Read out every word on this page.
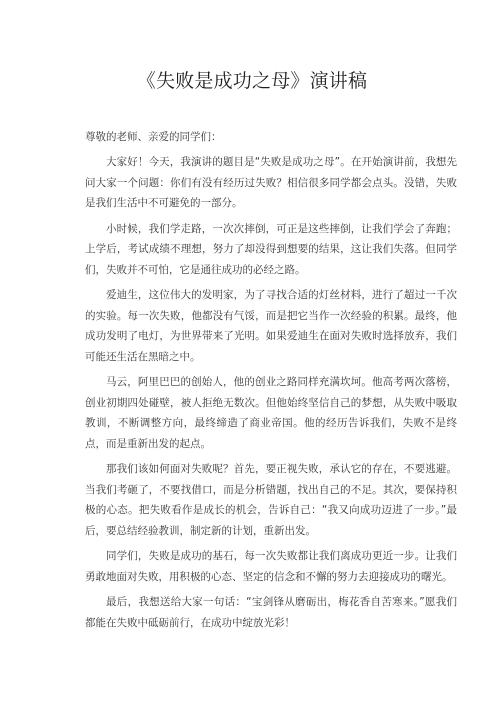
《失败是成功之母》演讲稿

尊敬的老师、亲爱的同学们：

大家好！今天，我演讲的题目是“失败是成功之母”。在开始演讲前，我想先问大家一个问题：你们有没有经历过失败？相信很多同学都会点头。没错，失败是我们生活中不可避免的一部分。

小时候，我们学走路，一次次摔倒，可正是这些摔倒，让我们学会了奔跑；上学后，考试成绩不理想，努力了却没得到想要的结果，这让我们失落。但同学们，失败并不可怕，它是通往成功的必经之路。

爱迪生，这位伟大的发明家，为了寻找合适的灯丝材料，进行了超过一千次的实验。每一次失败，他都没有气馁，而是把它当作一次经验的积累。最终，他成功发明了电灯，为世界带来了光明。如果爱迪生在面对失败时选择放弃，我们可能还生活在黑暗之中。

马云，阿里巴巴的创始人，他的创业之路同样充满坎坷。他高考两次落榜，创业初期四处碰壁，被人拒绝无数次。但他始终坚信自己的梦想，从失败中吸取教训，不断调整方向，最终缔造了商业帝国。他的经历告诉我们，失败不是终点，而是重新出发的起点。

那我们该如何面对失败呢？首先，要正视失败，承认它的存在，不要逃避。当我们考砸了，不要找借口，而是分析错题，找出自己的不足。其次，要保持积极的心态。把失败看作是成长的机会，告诉自己：“我又向成功迈进了一步。”最后，要总结经验教训，制定新的计划，重新出发。

同学们，失败是成功的基石，每一次失败都让我们离成功更近一步。让我们勇敢地面对失败，用积极的心态、坚定的信念和不懈的努力去迎接成功的曙光。

最后，我想送给大家一句话：“宝剑锋从磨砺出，梅花香自苦寒来。”愿我们都能在失败中砥砺前行，在成功中绽放光彩！
